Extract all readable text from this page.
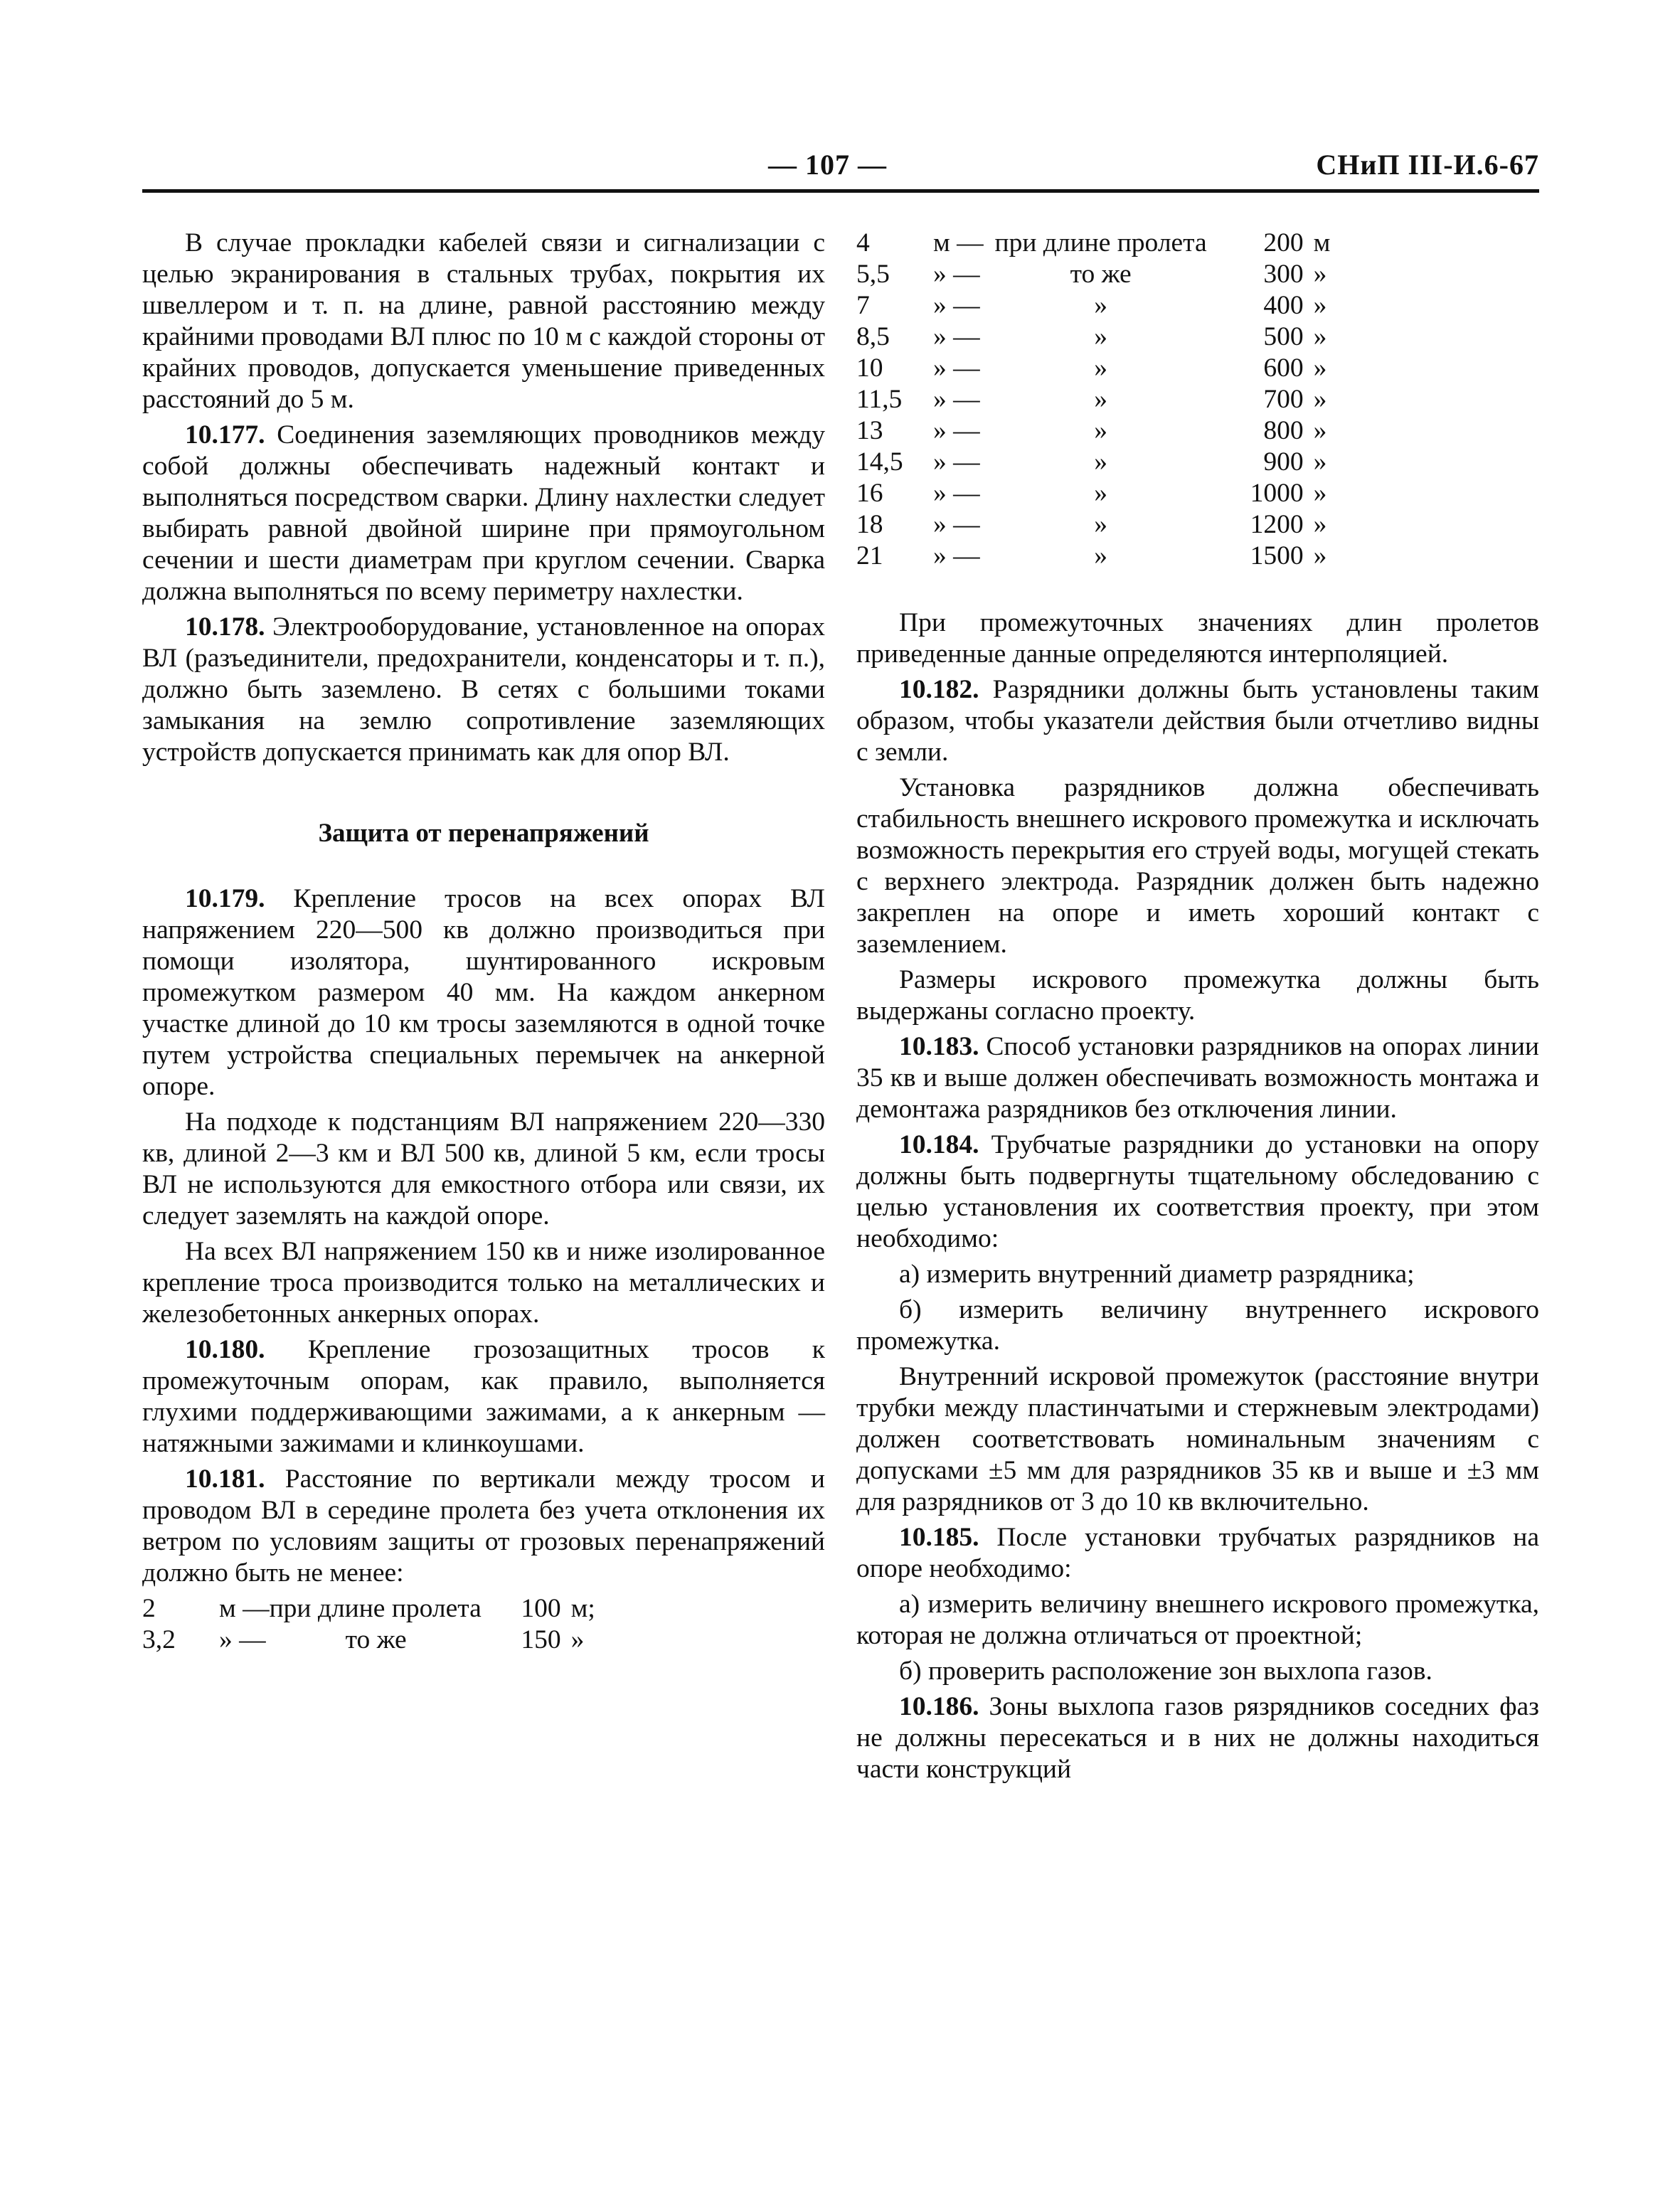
— 107 —	СНиП III-И.6-67

В случае прокладки кабелей связи и сигнализации с целью экранирования в стальных трубах, покрытия их швеллером и т. п. на длине, равной расстоянию между крайними проводами ВЛ плюс по 10 м с каждой стороны от крайних проводов, допускается уменьшение приведенных расстояний до 5 м.

10.177. Соединения заземляющих проводников между собой должны обеспечивать надежный контакт и выполняться посредством сварки. Длину нахлестки следует выбирать равной двойной ширине при прямоугольном сечении и шести диаметрам при круглом сечении. Сварка должна выполняться по всему периметру нахлестки.

10.178. Электрооборудование, установленное на опорах ВЛ (разъединители, предохранители, конденсаторы и т. п.), должно быть заземлено. В сетях с большими токами замыкания на землю сопротивление заземляющих устройств допускается принимать как для опор ВЛ.

Защита от перенапряжений

10.179. Крепление тросов на всех опорах ВЛ напряжением 220—500 кв должно производиться при помощи изолятора, шунтированного искровым промежутком размером 40 мм. На каждом анкерном участке длиной до 10 км тросы заземляются в одной точке путем устройства специальных перемычек на анкерной опоре.

На подходе к подстанциям ВЛ напряжением 220—330 кв, длиной 2—3 км и ВЛ 500 кв, длиной 5 км, если тросы ВЛ не используются для емкостного отбора или связи, их следует заземлять на каждой опоре.

На всех ВЛ напряжением 150 кв и ниже изолированное крепление троса производится только на металлических и железобетонных анкерных опорах.

10.180. Крепление грозозащитных тросов к промежуточным опорам, как правило, выполняется глухими поддерживающими зажимами, а к анкерным — натяжными зажимами и клинкоушами.

10.181. Расстояние по вертикали между тросом и проводом ВЛ в середине пролета без учета отклонения их ветром по условиям защиты от грозовых перенапряжений должно быть не менее:

2	м —	при длине пролета	100	м;
3,2	» —	то же	150	»
4	м —	при длине пролета	200	м
5,5	» —	то же	300	»
7	» —	»	400	»
8,5	» —	»	500	»
10	» —	»	600	»
11,5	» —	»	700	»
13	» —	»	800	»
14,5	» —	»	900	»
16	» —	»	1000	»
18	» —	»	1200	»
21	» —	»	1500	»

При промежуточных значениях длин пролетов приведенные данные определяются интерполяцией.

10.182. Разрядники должны быть установлены таким образом, чтобы указатели действия были отчетливо видны с земли.

Установка разрядников должна обеспечивать стабильность внешнего искрового промежутка и исключать возможность перекрытия его струей воды, могущей стекать с верхнего электрода. Разрядник должен быть надежно закреплен на опоре и иметь хороший контакт с заземлением.

Размеры искрового промежутка должны быть выдержаны согласно проекту.

10.183. Способ установки разрядников на опорах линии 35 кв и выше должен обеспечивать возможность монтажа и демонтажа разрядников без отключения линии.

10.184. Трубчатые разрядники до установки на опору должны быть подвергнуты тщательному обследованию с целью установления их соответствия проекту, при этом необходимо:

а) измерить внутренний диаметр разрядника;

б) измерить величину внутреннего искрового промежутка.

Внутренний искровой промежуток (расстояние внутри трубки между пластинчатыми и стержневым электродами) должен соответствовать номинальным значениям с допусками ±5 мм для разрядников 35 кв и выше и ±3 мм для разрядников от 3 до 10 кв включительно.

10.185. После установки трубчатых разрядников на опоре необходимо:

а) измерить величину внешнего искрового промежутка, которая не должна отличаться от проектной;

б) проверить расположение зон выхлопа газов.

10.186. Зоны выхлопа газов рязрядников соседних фаз не должны пересекаться и в них не должны находиться части конструкций
